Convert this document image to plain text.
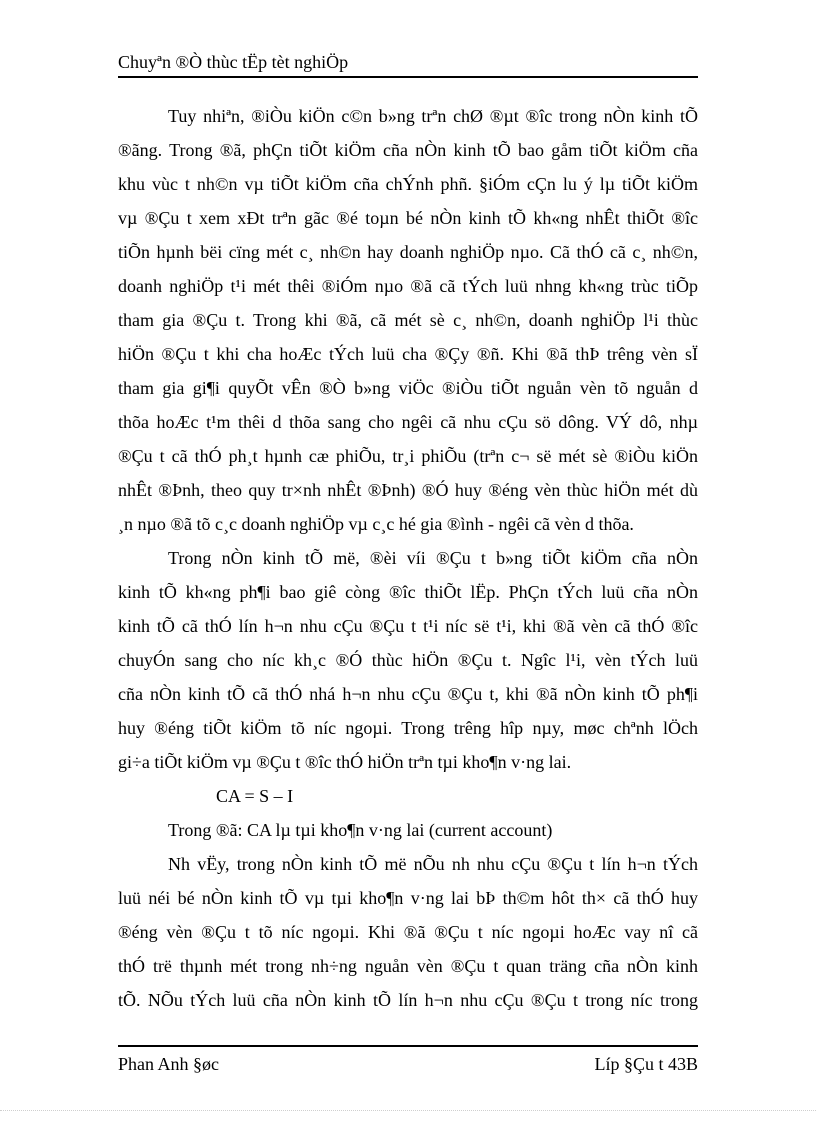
Chuyªn ®Ò thùc tËp tèt nghiÖp
Tuy nhiªn, ®iÒu kiÖn c©n b»ng trªn chØ ®µt ®îc trong nÒn kinh tÕ
®ãng. Trong ®ã, phÇn tiÕt kiÖm cña nÒn kinh tÕ bao gåm tiÕt kiÖm cña
khu vùc t nh©n vµ tiÕt kiÖm cña chÝnh phñ. §iÓm cÇn lu ý lµ tiÕt kiÖm
vµ ®Çu t xem xÐt trªn gãc ®é toµn bé nÒn kinh tÕ kh«ng nhÊt thiÕt ®îc
tiÕn hµnh bëi cïng mét c¸ nh©n hay doanh nghiÖp nµo. Cã thÓ cã c¸ nh©n,
doanh nghiÖp t¹i mét thêi ®iÓm nµo ®ã cã tÝch luü nhng kh«ng trùc tiÕp
tham gia ®Çu t. Trong khi ®ã, cã mét sè c¸ nh©n, doanh nghiÖp l¹i thùc
hiÖn ®Çu t khi cha hoÆc tÝch luü cha ®Çy ®ñ. Khi ®ã thÞ trêng vèn sÏ
tham gia gi¶i quyÕt vÊn ®Ò b»ng viÖc ®iÒu tiÕt nguån vèn tõ nguån d
thõa hoÆc t¹m thêi d thõa sang cho ngêi cã nhu cÇu sö dông. VÝ dô, nhµ
®Çu t cã thÓ ph¸t hµnh cæ phiÕu, tr¸i phiÕu (trªn c¬ së mét sè ®iÒu kiÖn
nhÊt ®Þnh, theo quy tr×nh nhÊt ®Þnh) ®Ó huy ®éng vèn thùc hiÖn mét dù
¸n nµo ®ã tõ c¸c doanh nghiÖp vµ c¸c hé gia ®ình - ngêi cã vèn d thõa.
Trong nÒn kinh tÕ më, ®èi víi ®Çu t b»ng tiÕt kiÖm cña nÒn
kinh tÕ kh«ng ph¶i bao giê còng ®îc thiÕt lËp. PhÇn tÝch luü cña nÒn
kinh tÕ cã thÓ lín h¬n nhu cÇu ®Çu t t¹i níc së t¹i, khi ®ã vèn cã thÓ ®îc
chuyÓn sang cho níc kh¸c ®Ó thùc hiÖn ®Çu t. Ngîc l¹i, vèn tÝch luü
cña nÒn kinh tÕ cã thÓ nhá h¬n nhu cÇu ®Çu t, khi ®ã nÒn kinh tÕ ph¶i
huy ®éng tiÕt kiÖm tõ níc ngoµi. Trong trêng hîp nµy, møc chªnh lÖch
gi÷a tiÕt kiÖm vµ ®Çu t ®îc thÓ hiÖn trªn tµi kho¶n v·ng lai.
CA = S – I
Trong ®ã: CA lµ tµi kho¶n v·ng lai (current account)
Nh vËy, trong nÒn kinh tÕ më nÕu nh nhu cÇu ®Çu t lín h¬n tÝch
luü néi bé nÒn kinh tÕ vµ tµi kho¶n v·ng lai bÞ th©m hôt th× cã thÓ huy
®éng vèn ®Çu t tõ níc ngoµi. Khi ®ã ®Çu t níc ngoµi hoÆc vay nî cã
thÓ trë thµnh mét trong nh÷ng nguån vèn ®Çu t quan träng cña nÒn kinh
tÕ. NÕu tÝch luü cña nÒn kinh tÕ lín h¬n nhu cÇu ®Çu t trong níc trong
Phan Anh §øc	Líp §Çu t 43B
